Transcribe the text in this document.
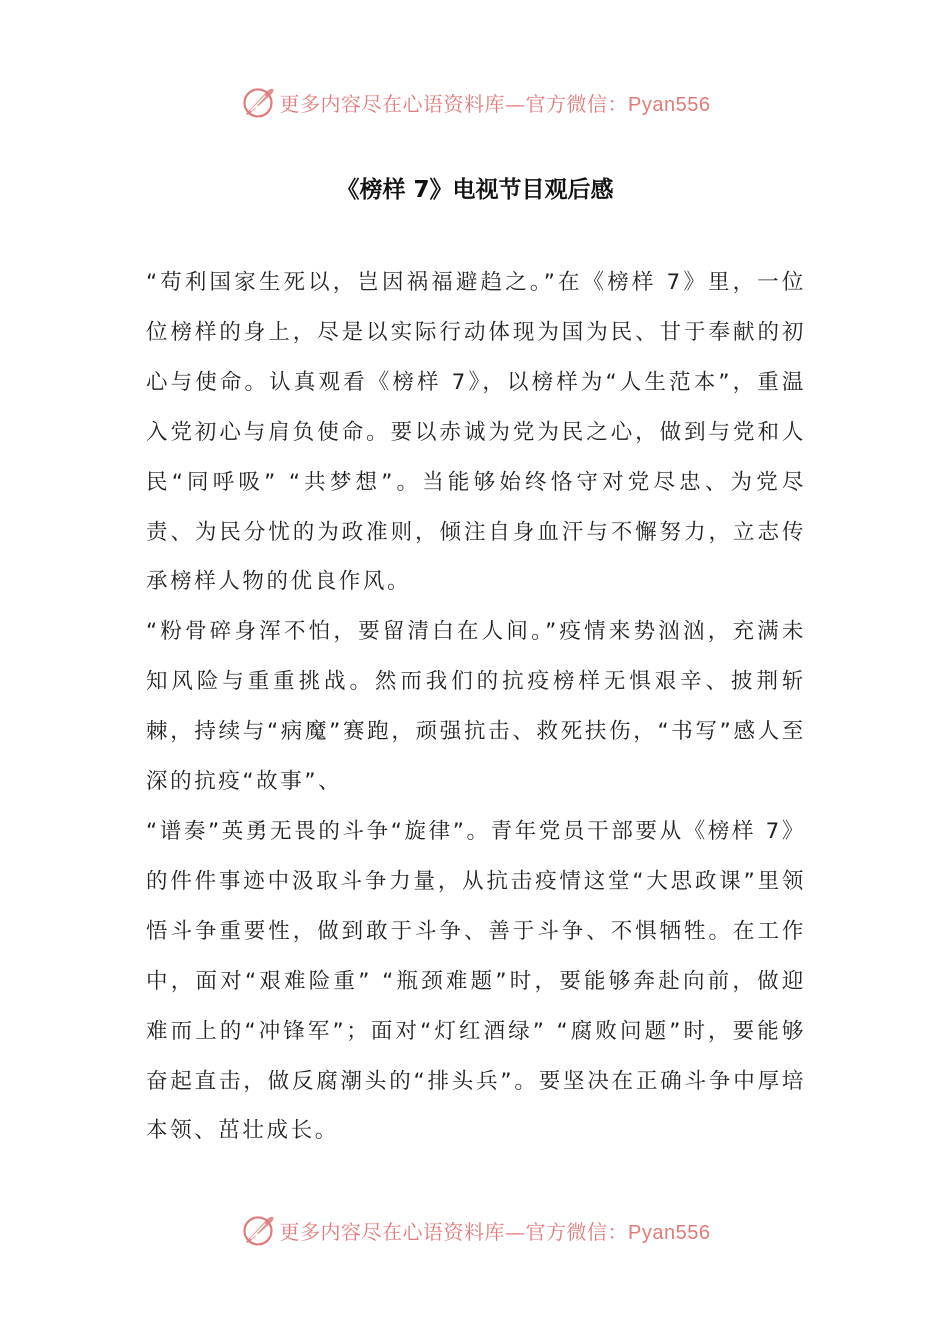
更多内容尽在心语资料库—官方微信：Pyan556
《榜样 7》电视节目观后感

“苟利国家生死以，岂因祸福避趋之。”在《榜样 7》里，一位位榜样的身上，尽是以实际行动体现为国为民、甘于奉献的初心与使命。认真观看《榜样 7》，以榜样为“人生范本”，重温入党初心与肩负使命。要以赤诚为党为民之心，做到与党和人民“同呼吸” “共梦想”。当能够始终恪守对党尽忠、为党尽责、为民分忧的为政准则，倾注自身血汗与不懈努力，立志传承榜样人物的优良作风。

“粉骨碎身浑不怕，要留清白在人间。”疫情来势汹汹，充满未知风险与重重挑战。然而我们的抗疫榜样无惧艰辛、披荆斩棘，持续与“病魔”赛跑，顽强抗击、救死扶伤，“书写”感人至深的抗疫“故事”、

“谱奏”英勇无畏的斗争“旋律”。青年党员干部要从《榜样 7》的件件事迹中汲取斗争力量，从抗击疫情这堂“大思政课”里领悟斗争重要性，做到敢于斗争、善于斗争、不惧牺牲。在工作中，面对“艰难险重” “瓶颈难题”时，要能够奔赴向前，做迎难而上的“冲锋军”；面对“灯红酒绿” “腐败问题”时，要能够奋起直击，做反腐潮头的“排头兵”。要坚决在正确斗争中厚培本领、茁壮成长。

更多内容尽在心语资料库—官方微信：Pyan556
